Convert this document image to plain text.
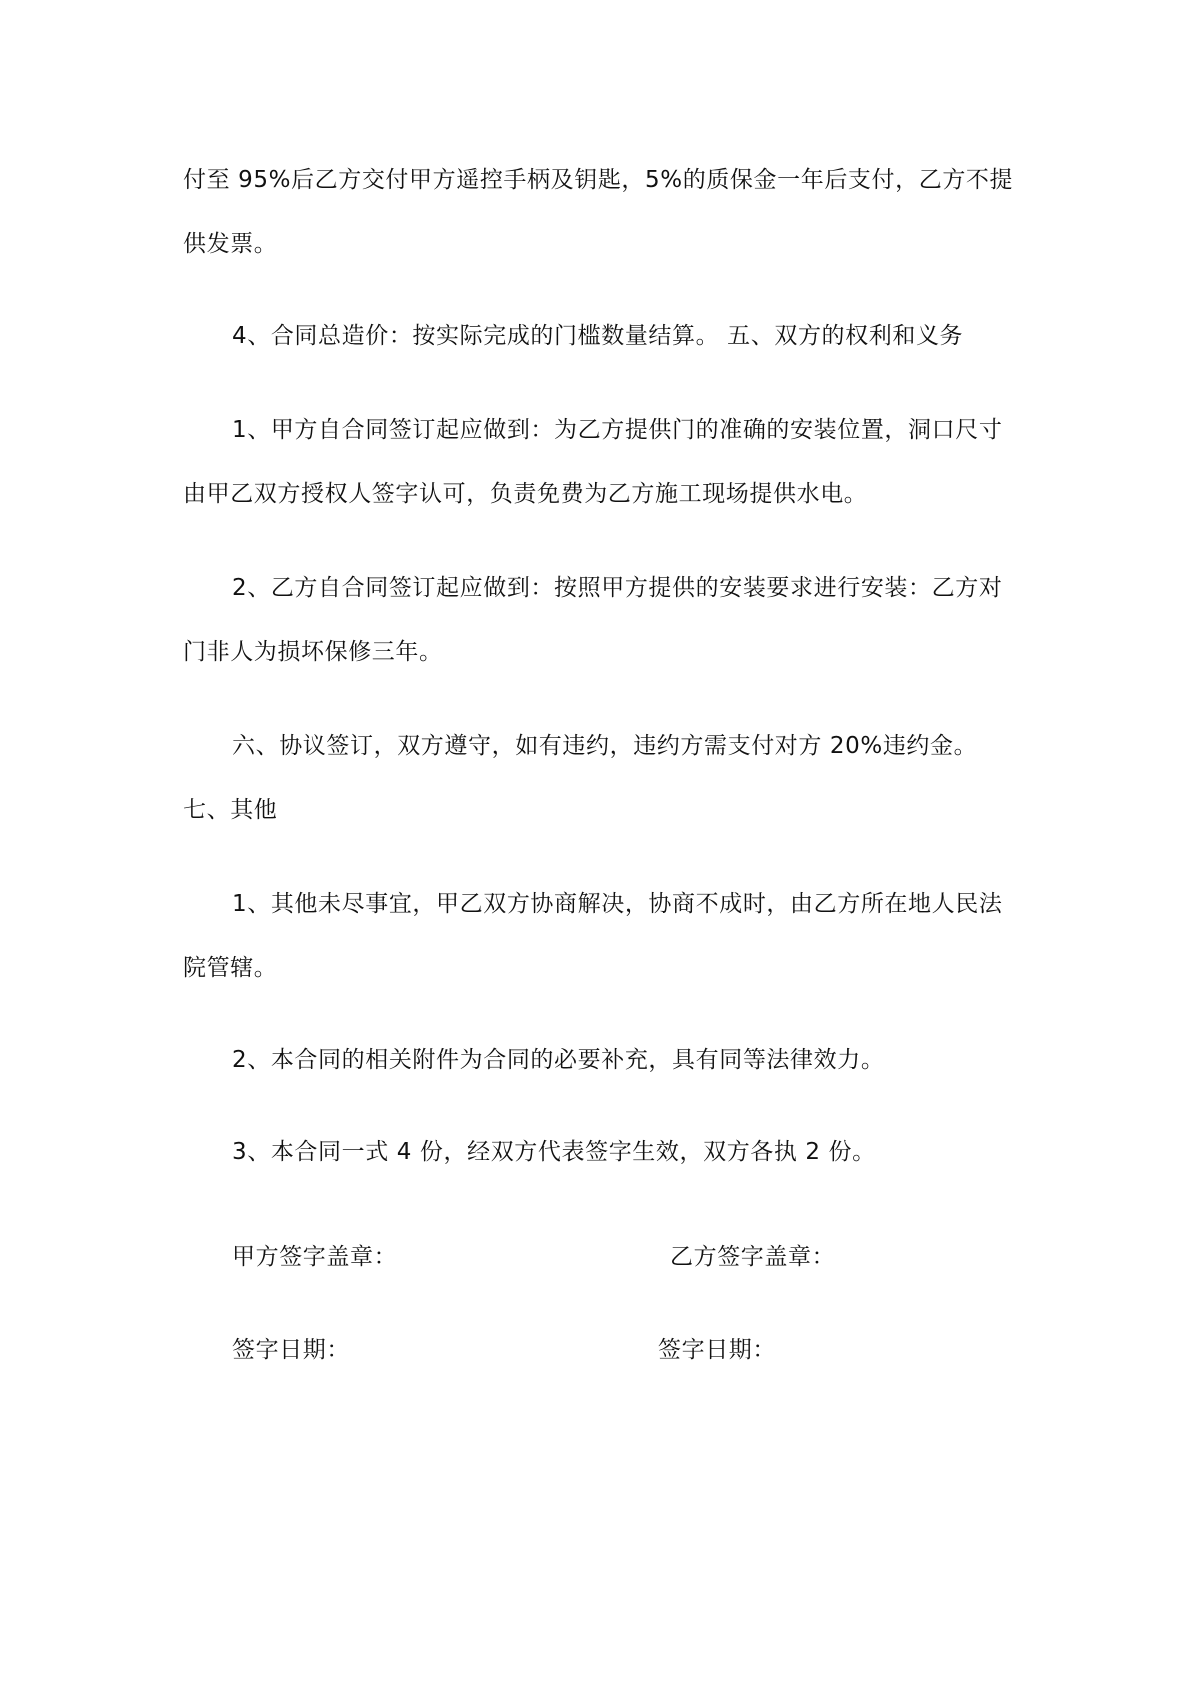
付至 95%后乙方交付甲方遥控手柄及钥匙，5%的质保金一年后支付，乙方不提供发票。

4、合同总造价：按实际完成的门槛数量结算。 五、双方的权利和义务

1、甲方自合同签订起应做到：为乙方提供门的准确的安装位置，洞口尺寸由甲乙双方授权人签字认可，负责免费为乙方施工现场提供水电。

2、乙方自合同签订起应做到：按照甲方提供的安装要求进行安装：乙方对门非人为损坏保修三年。

六、协议签订，双方遵守，如有违约，违约方需支付对方 20%违约金。 七、其他

1、其他未尽事宜，甲乙双方协商解决，协商不成时，由乙方所在地人民法院管辖。

2、本合同的相关附件为合同的必要补充，具有同等法律效力。

3、本合同一式 4 份，经双方代表签字生效，双方各执 2 份。

甲方签字盖章：	乙方签字盖章：
签字日期：	签字日期：
